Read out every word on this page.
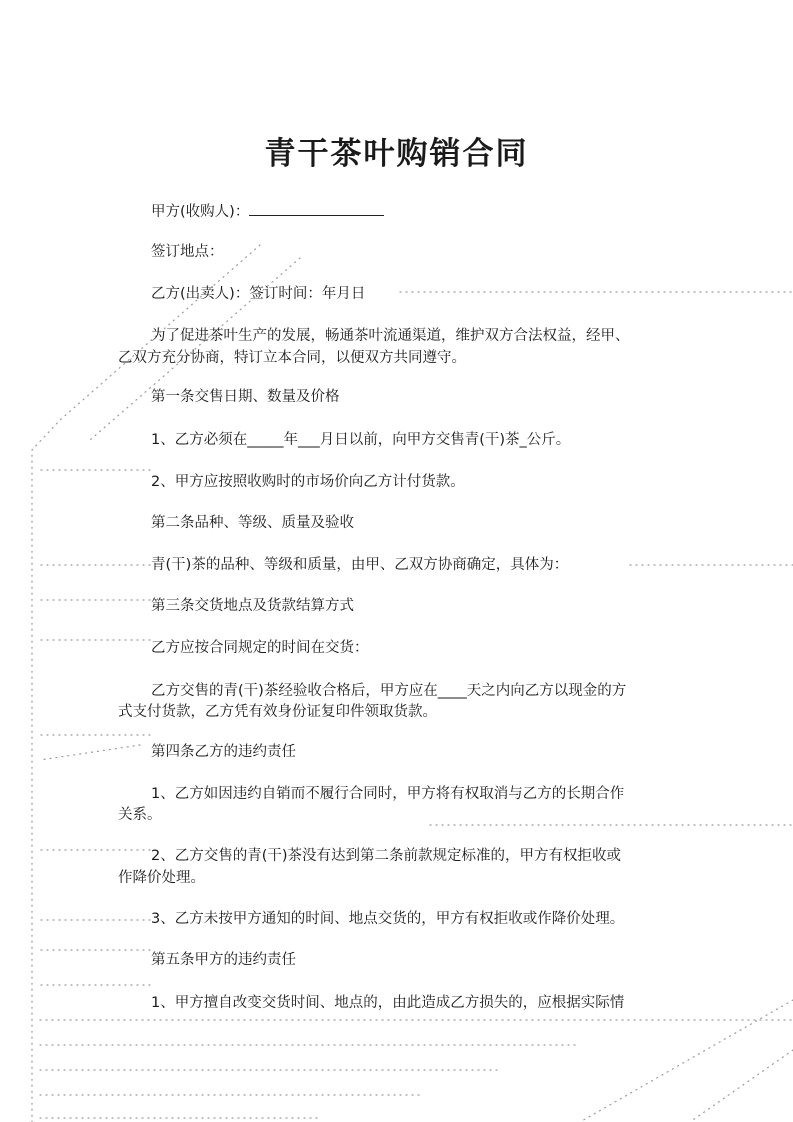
青干茶叶购销合同
甲方(收购人)：
签订地点：
乙方(出卖人)：签订时间：年月日
为了促进茶叶生产的发展，畅通茶叶流通渠道，维护双方合法权益，经甲、
乙双方充分协商，特订立本合同，以便双方共同遵守。
第一条交售日期、数量及价格
1、乙方必须在_____年___月日以前，向甲方交售青(干)茶_公斤。
2、甲方应按照收购时的市场价向乙方计付货款。
第二条品种、等级、质量及验收
青(干)茶的品种、等级和质量，由甲、乙双方协商确定，具体为：
第三条交货地点及货款结算方式
乙方应按合同规定的时间在交货：
乙方交售的青(干)茶经验收合格后，甲方应在____天之内向乙方以现金的方
式支付货款，乙方凭有效身份证复印件领取货款。
第四条乙方的违约责任
1、乙方如因违约自销而不履行合同时，甲方将有权取消与乙方的长期合作
关系。
2、乙方交售的青(干)茶没有达到第二条前款规定标准的，甲方有权拒收或
作降价处理。
3、乙方未按甲方通知的时间、地点交货的，甲方有权拒收或作降价处理。
第五条甲方的违约责任
1、甲方擅自改变交货时间、地点的，由此造成乙方损失的，应根据实际情
